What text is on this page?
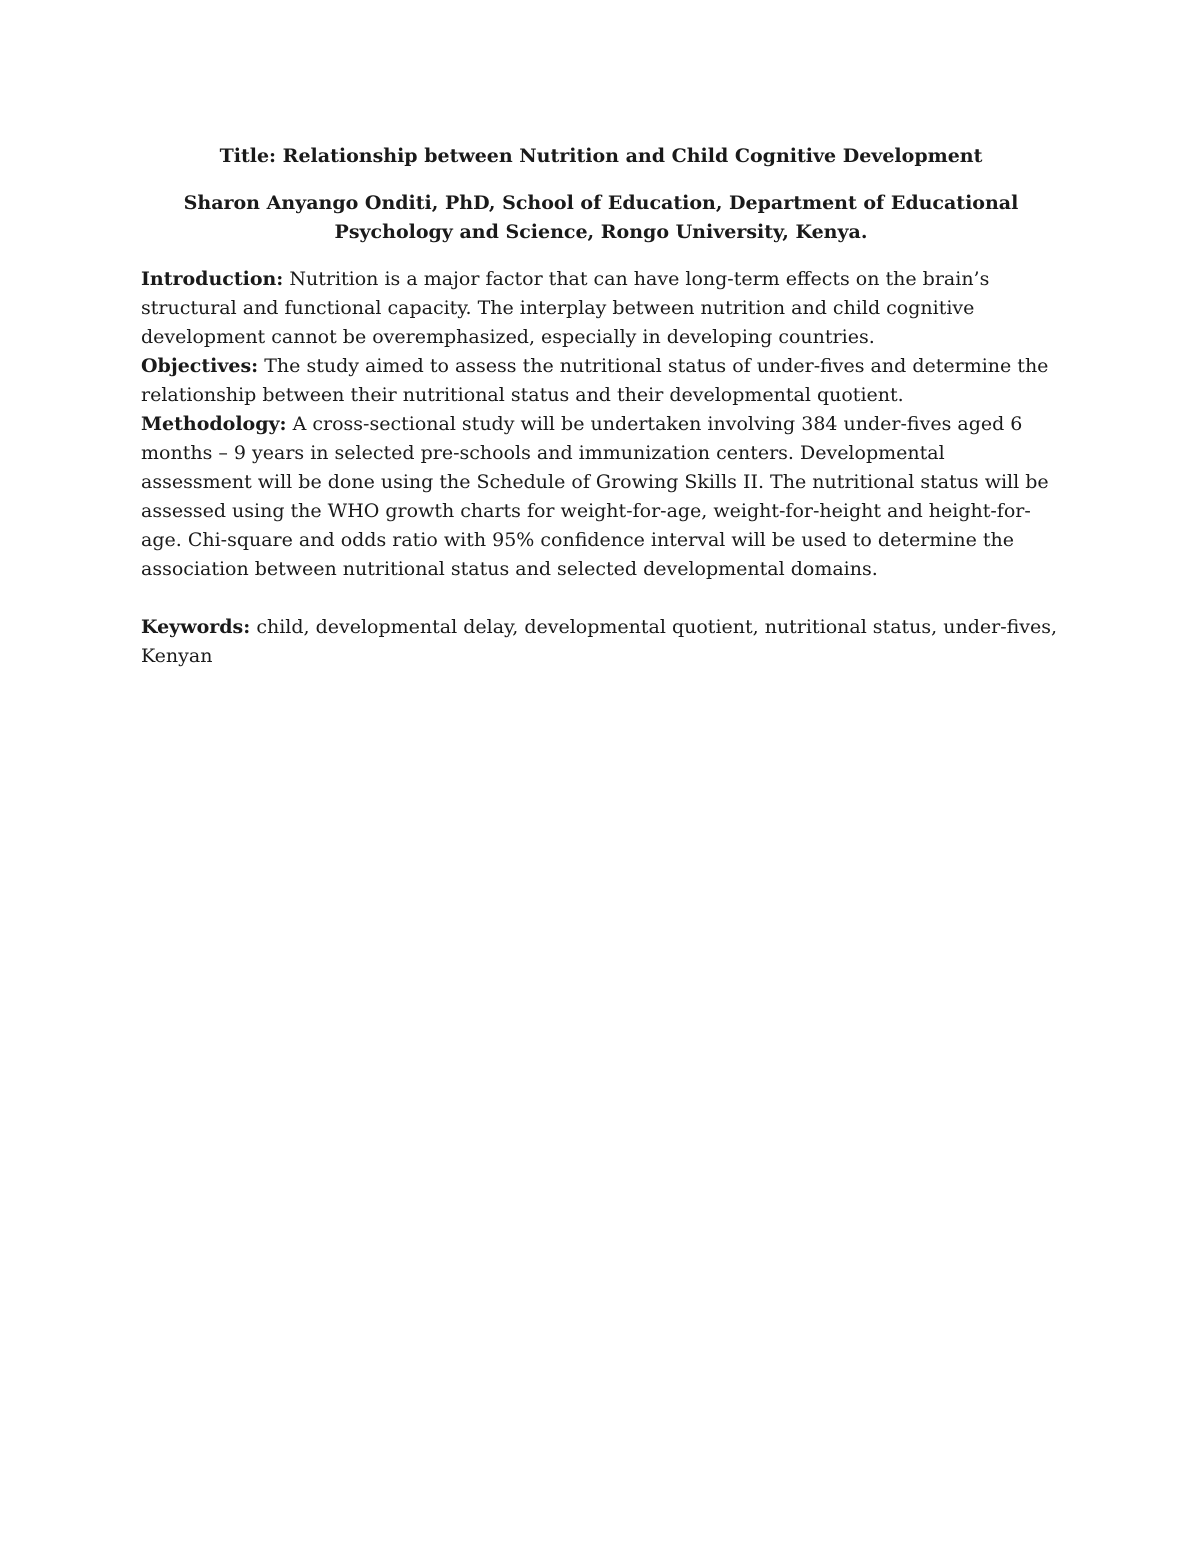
Title: Relationship between Nutrition and Child Cognitive Development

Sharon Anyango Onditi, PhD, School of Education, Department of Educational Psychology and Science, Rongo University, Kenya.

Introduction: Nutrition is a major factor that can have long-term effects on the brain’s structural and functional capacity. The interplay between nutrition and child cognitive development cannot be overemphasized, especially in developing countries.

Objectives: The study aimed to assess the nutritional status of under-fives and determine the relationship between their nutritional status and their developmental quotient.

Methodology: A cross-sectional study will be undertaken involving 384 under-fives aged 6 months – 9 years in selected pre-schools and immunization centers. Developmental assessment will be done using the Schedule of Growing Skills II. The nutritional status will be assessed using the WHO growth charts for weight-for-age, weight-for-height and height-for-age. Chi-square and odds ratio with 95% confidence interval will be used to determine the association between nutritional status and selected developmental domains.

Keywords: child, developmental delay, developmental quotient, nutritional status, under-fives, Kenyan
